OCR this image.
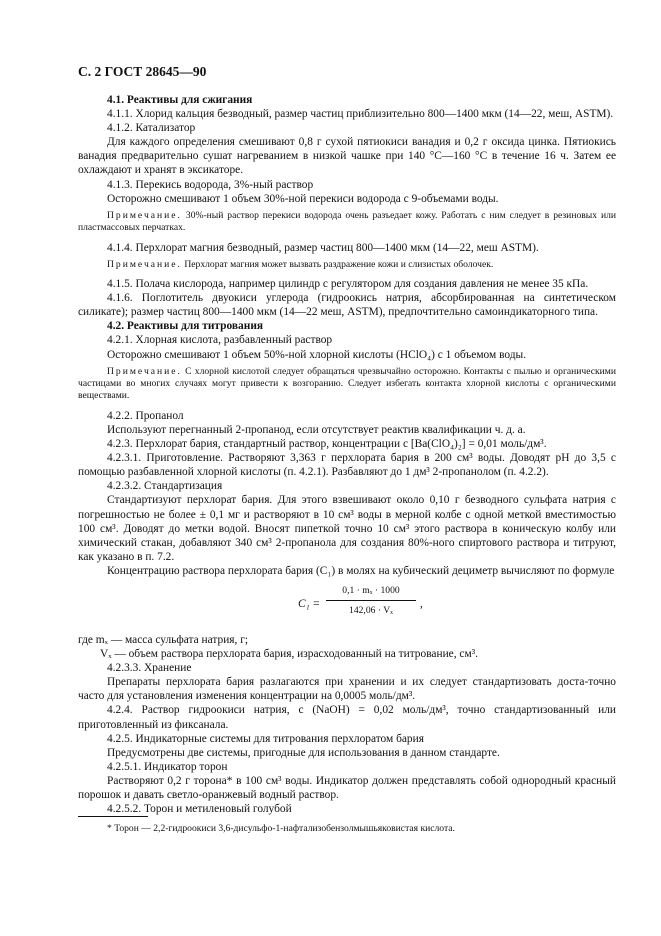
С. 2 ГОСТ 28645—90

4.1. Реактивы для сжигания

4.1.1. Хлорид кальция безводный, размер частиц приблизительно 800—1400 мкм (14—22, меш, ASTM).

4.1.2. Катализатор

Для каждого определения смешивают 0,8 г сухой пятиокиси ванадия и 0,2 г оксида цинка. Пятиокись ванадия предварительно сушат нагреванием в низкой чашке при 140 °С—160 °С в течение 16 ч. Затем ее охлаждают и хранят в эксикаторе.

4.1.3. Перекись водорода, 3%-ный раствор

Осторожно смешивают 1 объем 30%-ной перекиси водорода с 9-объемами воды.

Примечание. 30%-ный раствор перекиси водорода очень разъедает кожу. Работать с ним следует в резиновых или пластмассовых перчатках.

4.1.4. Перхлорат магния безводный, размер частиц 800—1400 мкм (14—22, меш ASTM).

Примечание. Перхлорат магния может вызвать раздражение кожи и слизистых оболочек.

4.1.5. Полача кислорода, например цилиндр с регулятором для создания давления не менее 35 кПа.

4.1.6. Поглотитель двуокиси углерода (гидроокись натрия, абсорбированная на синтетическом силикате); размер частиц 800—1400 мкм (14—22 меш, ASTM), предпочтительно самоиндикаторного типа.

4.2. Реактивы для титрования

4.2.1. Хлорная кислота, разбавленный раствор

Осторожно смешивают 1 объем 50%-ной хлорной кислоты (НСlО₄) с 1 объемом воды.

Примечание. С хлорной кислотой следует обращаться чрезвычайно осторожно. Контакты с пылью и органическими частицами во многих случаях могут привести к возгоранию. Следует избегать контакта хлорной кислоты с органическими веществами.

4.2.2. Пропанол

Используют перегнанный 2-пропанод, если отсутствует реактив квалификации ч. д. а.

4.2.3. Перхлорат бария, стандартный раствор, концентрации с [Ва(СlO₄)₂] = 0,01 моль/дм³.

4.2.3.1. Приготовление. Растворяют 3,363 г перхлората бария в 200 см³ воды. Доводят pH до 3,5 с помощью разбавленной хлорной кислоты (п. 4.2.1). Разбавляют до 1 дм³ 2-пропанолом (п. 4.2.2).

4.2.3.2. Стандартизация

Стандартизуют перхлорат бария. Для этого взвешивают около 0,10 г безводного сульфата натрия с погрешностью не более ± 0,1 мг и растворяют в 10 см³ воды в мерной колбе с одной меткой вместимостью 100 см³. Доводят до метки водой. Вносят пипеткой точно 10 см³ этого раствора в коническую колбу или химический стакан, добавляют 340 см³ 2-пропанола для создания 80%-ного спиртового раствора и титруют, как указано в п. 7.2.

Концентрацию раствора перхлората бария (С₁) в молях на кубический дециметр вычисляют по формуле

$C_1 = \frac{\text{0,1 · mₓ · 1000}}{\text{142,06 · Vₓ}}$ ,

где mₓ — масса сульфата натрия, г;

Vₓ — объем раствора перхлората бария, израсходованный на титрование, см³.

4.2.3.3. Хранение

Препараты перхлората бария разлагаются при хранении и их следует стандартизовать доста-точно часто для установления изменения концентрации на 0,0005 моль/дм³.

4.2.4. Раствор гидроокиси натрия, с (NaOH) = 0,02 моль/дм³, точно стандартизованный или приготовленный из фиксанала.

4.2.5. Индикаторные системы для титрования перхлоратом бария

Предусмотрены две системы, пригодные для использования в данном стандарте.

4.2.5.1. Индикатор торон

Растворяют 0,2 г торона* в 100 см³ воды. Индикатор должен представлять собой однородный красный порошок и давать светло-оранжевый водный раствор.

4.2.5.2. Торон и метиленовый голубой

* Торон — 2,2-гидроокиси 3,6-дисульфо-1-нафтализобензолмышьяковистая кислота.
